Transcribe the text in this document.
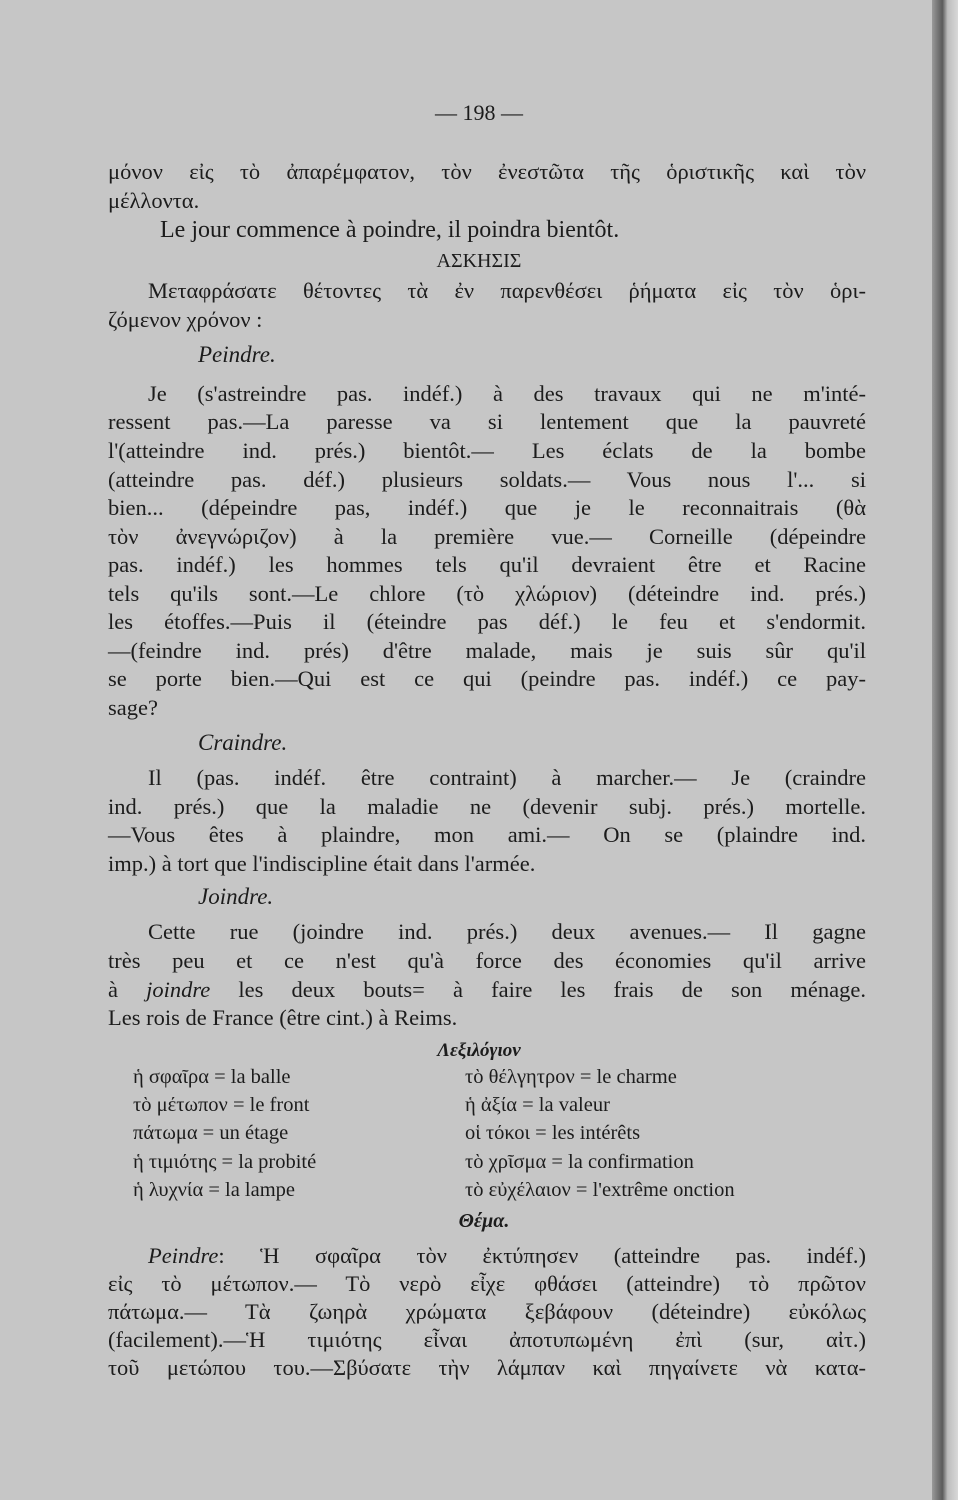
— 198 —
μόνον εἰς τὸ ἀπαρέμφατον, τὸν ἐνεστῶτα τῆς ὁριστικῆς καὶ τὸν
μέλλοντα.
Le jour commence à poindre, il poindra bientôt.
ΑΣΚΗΣΙΣ
Μεταφράσατε θέτοντες τὰ ἐν παρενθέσει ῥήματα εἰς τὸν ὁρι-
ζόμενον χρόνον :
Peindre.
Je (s'astreindre pas. indéf.) à des travaux qui ne m'inté-
ressent pas.—La paresse va si lentement que la pauvreté
l'(atteindre ind. prés.) bientôt.— Les éclats de la bombe
(atteindre pas. déf.) plusieurs soldats.— Vous nous l'... si
bien... (dépeindre pas, indéf.) que je le reconnaitrais (θὰ
τὸν ἀνεγνώριζον) à la première vue.— Corneille (dépeindre
pas. indéf.) les hommes tels qu'il devraient être et Racine
tels qu'ils sont.—Le chlore (τὸ χλώριον) (déteindre ind. prés.)
les étoffes.—Puis il (éteindre pas déf.) le feu et s'endormit.
—(feindre ind. prés) d'être malade, mais je suis sûr qu'il
se porte bien.—Qui est ce qui (peindre pas. indéf.) ce pay-
sage?
Craindre.
Il (pas. indéf. être contraint) à marcher.— Je (craindre
ind. prés.) que la maladie ne (devenir subj. prés.) mortelle.
—Vous êtes à plaindre, mon ami.— On se (plaindre ind.
imp.) à tort que l'indiscipline était dans l'armée.
Joindre.
Cette rue (joindre ind. prés.) deux avenues.— Il gagne
très peu et ce n'est qu'à force des économies qu'il arrive
à joindre les deux bouts= à faire les frais de son ménage.
Les rois de France (être cint.) à Reims.
Λεξιλόγιον
ἡ σφαῖρα = la balle
τὸ μέτωπον = le front
πάτωμα = un étage
ἡ τιμιότης = la probité
ἡ λυχνία = la lampe
τὸ θέλγητρον = le charme
ἡ ἀξία = la valeur
οἱ τόκοι = les intérêts
τὸ χρῖσμα = la confirmation
τὸ εὐχέλαιον = l'extrême onction
Θέμα.
Peindre: Ἡ σφαῖρα τὸν ἐκτύπησεν (atteindre pas. indéf.)
εἰς τὸ μέτωπον.— Τὸ νερὸ εἶχε φθάσει (atteindre) τὸ πρῶτον
πάτωμα.— Τὰ ζωηρὰ χρώματα ξεβάφουν (déteindre) εὐκόλως
(facilement).—Ἡ τιμιότης εἶναι ἀποτυπωμένη ἐπὶ (sur, αἰτ.)
τοῦ μετώπου του.—Σβύσατε τὴν λάμπαν καὶ πηγαίνετε νὰ κατα-
